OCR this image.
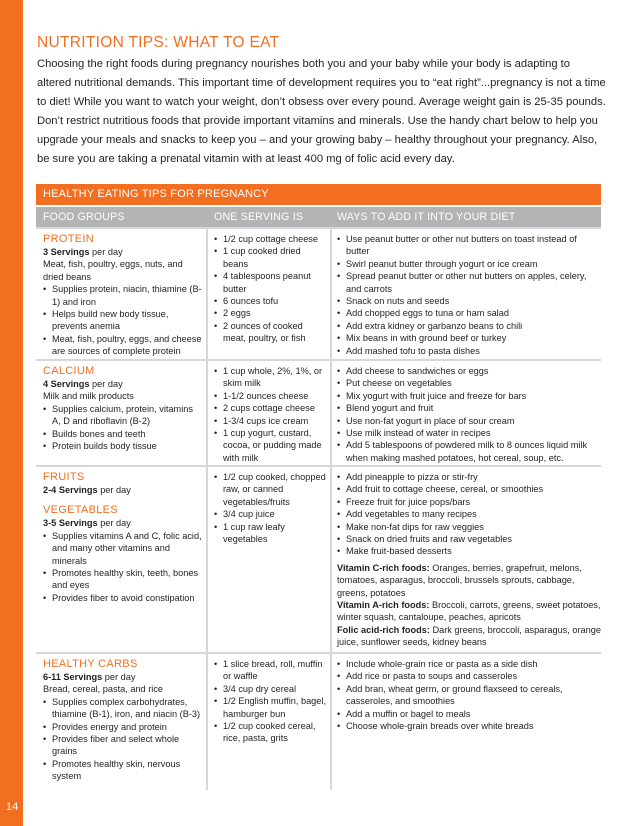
14
NUTRITION TIPS: WHAT TO EAT
Choosing the right foods during pregnancy nourishes both you and your baby while your body is adapting to altered nutritional demands. This important time of development requires you to “eat right”...pregnancy is not a time to diet! While you want to watch your weight, don’t obsess over every pound. Average weight gain is 25-35 pounds. Don’t restrict nutritious foods that provide important vitamins and minerals. Use the handy chart below to help you upgrade your meals and snacks to keep you – and your growing baby – healthy throughout your pregnancy. Also, be sure you are taking a prenatal vitamin with at least 400 mg of folic acid every day.
HEALTHY EATING TIPS FOR PREGNANCY
FOOD GROUPS	ONE SERVING IS	WAYS TO ADD IT INTO YOUR DIET
PROTEIN
3 Servings per day
Meat, fish, poultry, eggs, nuts, and dried beans
• Supplies protein, niacin, thiamine (B-1) and iron
• Helps build new body tissue, prevents anemia
• Meat, fish, poultry, eggs, and cheese are sources of complete protein
• 1/2 cup cottage cheese
• 1 cup cooked dried beans
• 4 tablespoons peanut butter
• 6 ounces tofu
• 2 eggs
• 2 ounces of cooked meat, poultry, or fish
• Use peanut butter or other nut butters on toast instead of butter
• Swirl peanut butter through yogurt or ice cream
• Spread peanut butter or other nut butters on apples, celery, and carrots
• Snack on nuts and seeds
• Add chopped eggs to tuna or ham salad
• Add extra kidney or garbanzo beans to chili
• Mix beans in with ground beef or turkey
• Add mashed tofu to pasta dishes
CALCIUM
4 Servings per day
Milk and milk products
• Supplies calcium, protein, vitamins A, D and riboflavin (B-2)
• Builds bones and teeth
• Protein builds body tissue
• 1 cup whole, 2%, 1%, or skim milk
• 1-1/2 ounces cheese
• 2 cups cottage cheese
• 1-3/4 cups ice cream
• 1 cup yogurt, custard, cocoa, or pudding made with milk
• Add cheese to sandwiches or eggs
• Put cheese on vegetables
• Mix yogurt with fruit juice and freeze for bars
• Blend yogurt and fruit
• Use non-fat yogurt in place of sour cream
• Use milk instead of water in recipes
• Add 5 tablespoons of powdered milk to 8 ounces liquid milk when making mashed potatoes, hot cereal, soup, etc.
FRUITS
2-4 Servings per day
VEGETABLES
3-5 Servings per day
• Supplies vitamins A and C, folic acid, and many other vitamins and minerals
• Promotes healthy skin, teeth, bones and eyes
• Provides fiber to avoid constipation
• 1/2 cup cooked, chopped raw, or canned vegetables/fruits
• 3/4 cup juice
• 1 cup raw leafy vegetables
• Add pineapple to pizza or stir-fry
• Add fruit to cottage cheese, cereal, or smoothies
• Freeze fruit for juice pops/bars
• Add vegetables to many recipes
• Make non-fat dips for raw veggies
• Snack on dried fruits and raw vegetables
• Make fruit-based desserts
Vitamin C-rich foods: Oranges, berries, grapefruit, melons, tomatoes, asparagus, broccoli, brussels sprouts, cabbage, greens, potatoes
Vitamin A-rich foods: Broccoli, carrots, greens, sweet potatoes, winter squash, cantaloupe, peaches, apricots
Folic acid-rich foods: Dark greens, broccoli, asparagus, orange juice, sunflower seeds, kidney beans
HEALTHY CARBS
6-11 Servings per day
Bread, cereal, pasta, and rice
• Supplies complex carbohydrates, thiamine (B-1), iron, and niacin (B-3)
• Provides energy and protein
• Provides fiber and select whole grains
• Promotes healthy skin, nervous system
• 1 slice bread, roll, muffin or waffle
• 3/4 cup dry cereal
• 1/2 English muffin, bagel, hamburger bun
• 1/2 cup cooked cereal, rice, pasta, grits
• Include whole-grain rice or pasta as a side dish
• Add rice or pasta to soups and casseroles
• Add bran, wheat germ, or ground flaxseed to cereals, casseroles, and smoothies
• Add a muffin or bagel to meals
• Choose whole-grain breads over white breads
